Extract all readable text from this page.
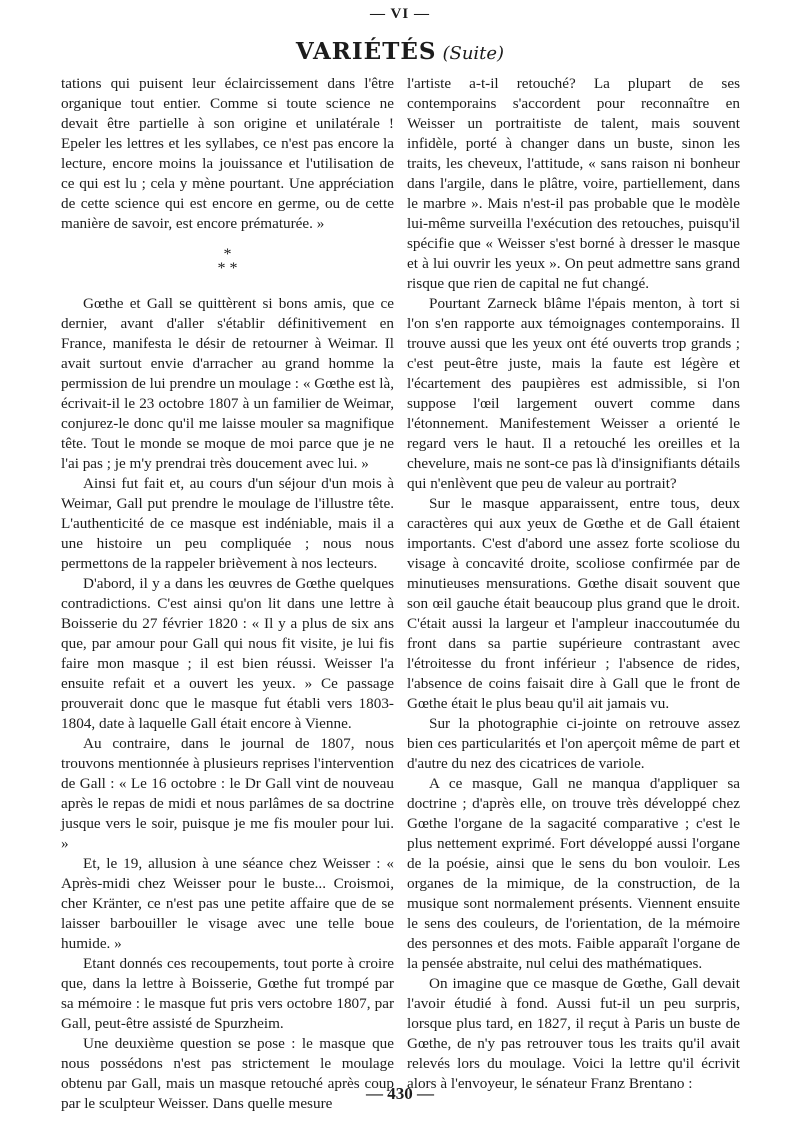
— VI —
VARIÉTÉS (Suite)

tations qui puisent leur éclaircissement dans l'être organique tout entier. Comme si toute science ne devait être partielle à son origine et unilatérale ! Epeler les lettres et les syllabes, ce n'est pas encore la lecture, encore moins la jouissance et l'utilisation de ce qui est lu ; cela y mène pourtant. Une appréciation de cette science qui est encore en germe, ou de cette manière de savoir, est encore prématurée. »

*
* *

Gœthe et Gall se quittèrent si bons amis, que ce dernier, avant d'aller s'établir définitivement en France, manifesta le désir de retourner à Weimar. Il avait surtout envie d'arracher au grand homme la permission de lui prendre un moulage : « Gœthe est là, écrivait-il le 23 octobre 1807 à un familier de Weimar, conjurez-le donc qu'il me laisse mouler sa magnifique tête. Tout le monde se moque de moi parce que je ne l'ai pas ; je m'y prendrai très doucement avec lui. »

Ainsi fut fait et, au cours d'un séjour d'un mois à Weimar, Gall put prendre le moulage de l'illustre tête. L'authenticité de ce masque est indéniable, mais il a une histoire un peu compliquée ; nous nous permettons de la rappeler brièvement à nos lecteurs.

D'abord, il y a dans les œuvres de Gœthe quelques contradictions. C'est ainsi qu'on lit dans une lettre à Boisserie du 27 février 1820 : « Il y a plus de six ans que, par amour pour Gall qui nous fit visite, je lui fis faire mon masque ; il est bien réussi. Weisser l'a ensuite refait et a ouvert les yeux. » Ce passage prouverait donc que le masque fut établi vers 1803-1804, date à laquelle Gall était encore à Vienne.

Au contraire, dans le journal de 1807, nous trouvons mentionnée à plusieurs reprises l'intervention de Gall : « Le 16 octobre : le Dr Gall vint de nouveau après le repas de midi et nous parlâmes de sa doctrine jusque vers le soir, puisque je me fis mouler pour lui. »

Et, le 19, allusion à une séance chez Weisser : « Après-midi chez Weisser pour le buste... Croismoi, cher Kränter, ce n'est pas une petite affaire que de se laisser barbouiller le visage avec une telle boue humide. »

Etant donnés ces recoupements, tout porte à croire que, dans la lettre à Boisserie, Gœthe fut trompé par sa mémoire : le masque fut pris vers octobre 1807, par Gall, peut-être assisté de Spurzheim.

Une deuxième question se pose : le masque que nous possédons n'est pas strictement le moulage obtenu par Gall, mais un masque retouché après coup par le sculpteur Weisser. Dans quelle mesure

l'artiste a-t-il retouché? La plupart de ses contemporains s'accordent pour reconnaître en Weisser un portraitiste de talent, mais souvent infidèle, porté à changer dans un buste, sinon les traits, les cheveux, l'attitude, « sans raison ni bonheur dans l'argile, dans le plâtre, voire, partiellement, dans le marbre ». Mais n'est-il pas probable que le modèle lui-même surveilla l'exécution des retouches, puisqu'il spécifie que « Weisser s'est borné à dresser le masque et à lui ouvrir les yeux ». On peut admettre sans grand risque que rien de capital ne fut changé.

Pourtant Zarneck blâme l'épais menton, à tort si l'on s'en rapporte aux témoignages contemporains. Il trouve aussi que les yeux ont été ouverts trop grands ; c'est peut-être juste, mais la faute est légère et l'écartement des paupières est admissible, si l'on suppose l'œil largement ouvert comme dans l'étonnement. Manifestement Weisser a orienté le regard vers le haut. Il a retouché les oreilles et la chevelure, mais ne sont-ce pas là d'insignifiants détails qui n'enlèvent que peu de valeur au portrait?

Sur le masque apparaissent, entre tous, deux caractères qui aux yeux de Gœthe et de Gall étaient importants. C'est d'abord une assez forte scoliose du visage à concavité droite, scoliose confirmée par de minutieuses mensurations. Gœthe disait souvent que son œil gauche était beaucoup plus grand que le droit. C'était aussi la largeur et l'ampleur inaccoutumée du front dans sa partie supérieure contrastant avec l'étroitesse du front inférieur ; l'absence de rides, l'absence de coins faisait dire à Gall que le front de Gœthe était le plus beau qu'il ait jamais vu.

Sur la photographie ci-jointe on retrouve assez bien ces particularités et l'on aperçoit même de part et d'autre du nez des cicatrices de variole.

A ce masque, Gall ne manqua d'appliquer sa doctrine ; d'après elle, on trouve très développé chez Gœthe l'organe de la sagacité comparative ; c'est le plus nettement exprimé. Fort développé aussi l'organe de la poésie, ainsi que le sens du bon vouloir. Les organes de la mimique, de la construction, de la musique sont normalement présents. Viennent ensuite le sens des couleurs, de l'orientation, de la mémoire des personnes et des mots. Faible apparaît l'organe de la pensée abstraite, nul celui des mathématiques.

On imagine que ce masque de Gœthe, Gall devait l'avoir étudié à fond. Aussi fut-il un peu surpris, lorsque plus tard, en 1827, il reçut à Paris un buste de Gœthe, de n'y pas retrouver tous les traits qu'il avait relevés lors du moulage. Voici la lettre qu'il écrivit alors à l'envoyeur, le sénateur Franz Brentano :

— 430 —
